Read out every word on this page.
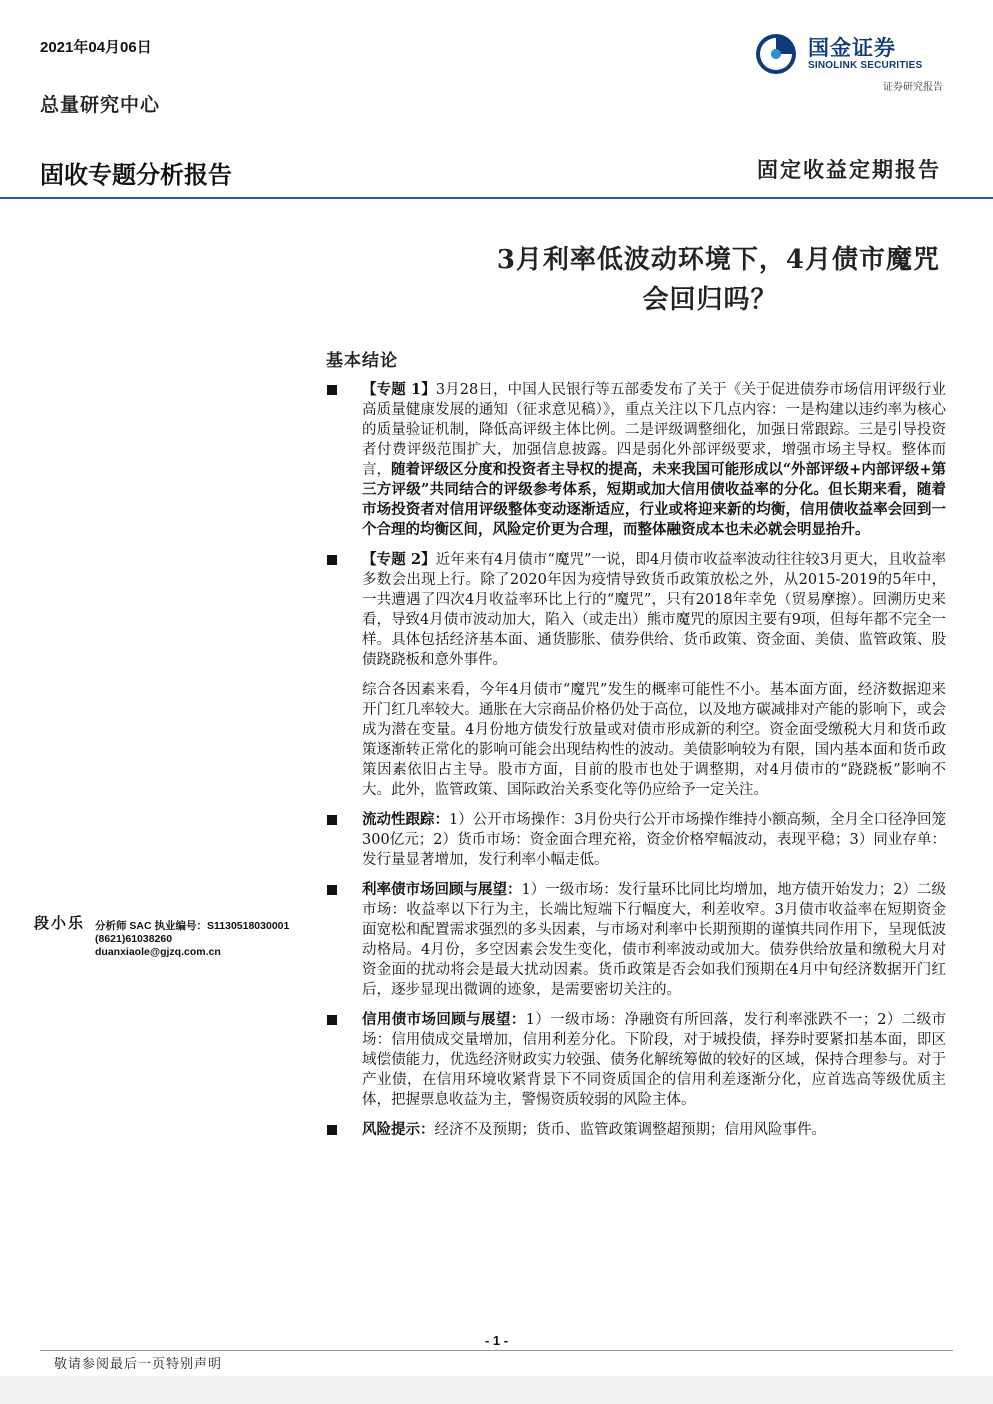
2021年04月06日
总量研究中心
固收专题分析报告	固定收益定期报告
国金证券
SINOLINK SECURITIES
证券研究报告
3月利率低波动环境下，4月债市魔咒
会回归吗？
基本结论

【专题 1】3月28日，中国人民银行等五部委发布了关于《关于促进债券市场信用评级行业高质量健康发展的通知（征求意见稿）》，重点关注以下几点内容：一是构建以违约率为核心的质量验证机制，降低高评级主体比例。二是评级调整细化，加强日常跟踪。三是引导投资者付费评级范围扩大，加强信息披露。四是弱化外部评级要求，增强市场主导权。整体而言，随着评级区分度和投资者主导权的提高，未来我国可能形成以“外部评级+内部评级+第三方评级”共同结合的评级参考体系，短期或加大信用债收益率的分化。但长期来看，随着市场投资者对信用评级整体变动逐渐适应，行业或将迎来新的均衡，信用债收益率会回到一个合理的均衡区间，风险定价更为合理，而整体融资成本也未必就会明显抬升。

【专题 2】近年来有4月债市“魔咒”一说，即4月债市收益率波动往往较3月更大，且收益率多数会出现上行。除了2020年因为疫情导致货币政策放松之外，从2015-2019的5年中，一共遭遇了四次4月收益率环比上行的“魔咒”，只有2018年幸免（贸易摩擦）。回溯历史来看，导致4月债市波动加大，陷入（或走出）熊市魔咒的原因主要有9项，但每年都不完全一样。具体包括经济基本面、通货膨胀、债券供给、货币政策、资金面、美债、监管政策、股债跷跷板和意外事件。

综合各因素来看，今年4月债市“魔咒”发生的概率可能性不小。基本面方面，经济数据迎来开门红几率较大。通胀在大宗商品价格仍处于高位，以及地方碳减排对产能的影响下，或会成为潜在变量。4月份地方债发行放量或对债市形成新的利空。资金面受缴税大月和货币政策逐渐转正常化的影响可能会出现结构性的波动。美债影响较为有限，国内基本面和货币政策因素依旧占主导。股市方面，目前的股市也处于调整期，对4月债市的“跷跷板”影响不大。此外，监管政策、国际政治关系变化等仍应给予一定关注。

流动性跟踪：1）公开市场操作：3月份央行公开市场操作维持小额高频，全月全口径净回笼300亿元；2）货币市场：资金面合理充裕，资金价格窄幅波动，表现平稳；3）同业存单：发行量显著增加，发行利率小幅走低。

利率债市场回顾与展望：1）一级市场：发行量环比同比均增加，地方债开始发力；2）二级市场：收益率以下行为主，长端比短端下行幅度大，利差收窄。3月债市收益率在短期资金面宽松和配置需求强烈的多头因素，与市场对利率中长期预期的谨慎共同作用下，呈现低波动格局。4月份，多空因素会发生变化，债市利率波动或加大。债券供给放量和缴税大月对资金面的扰动将会是最大扰动因素。货币政策是否会如我们预期在4月中旬经济数据开门红后，逐步显现出微调的迹象，是需要密切关注的。

信用债市场回顾与展望：1）一级市场：净融资有所回落，发行利率涨跌不一；2）二级市场：信用债成交量增加，信用利差分化。下阶段，对于城投债，择券时要紧扣基本面，即区域偿债能力，优选经济财政实力较强、债务化解统筹做的较好的区域，保持合理参与。对于产业债，在信用环境收紧背景下不同资质国企的信用利差逐渐分化，应首选高等级优质主体，把握票息收益为主，警惕资质较弱的风险主体。

风险提示：经济不及预期；货币、监管政策调整超预期；信用风险事件。

段小乐 分析师 SAC 执业编号：S1130518030001
(8621)61038260
duanxiaole@gjzq.com.cn
- 1 -
敬请参阅最后一页特别声明
